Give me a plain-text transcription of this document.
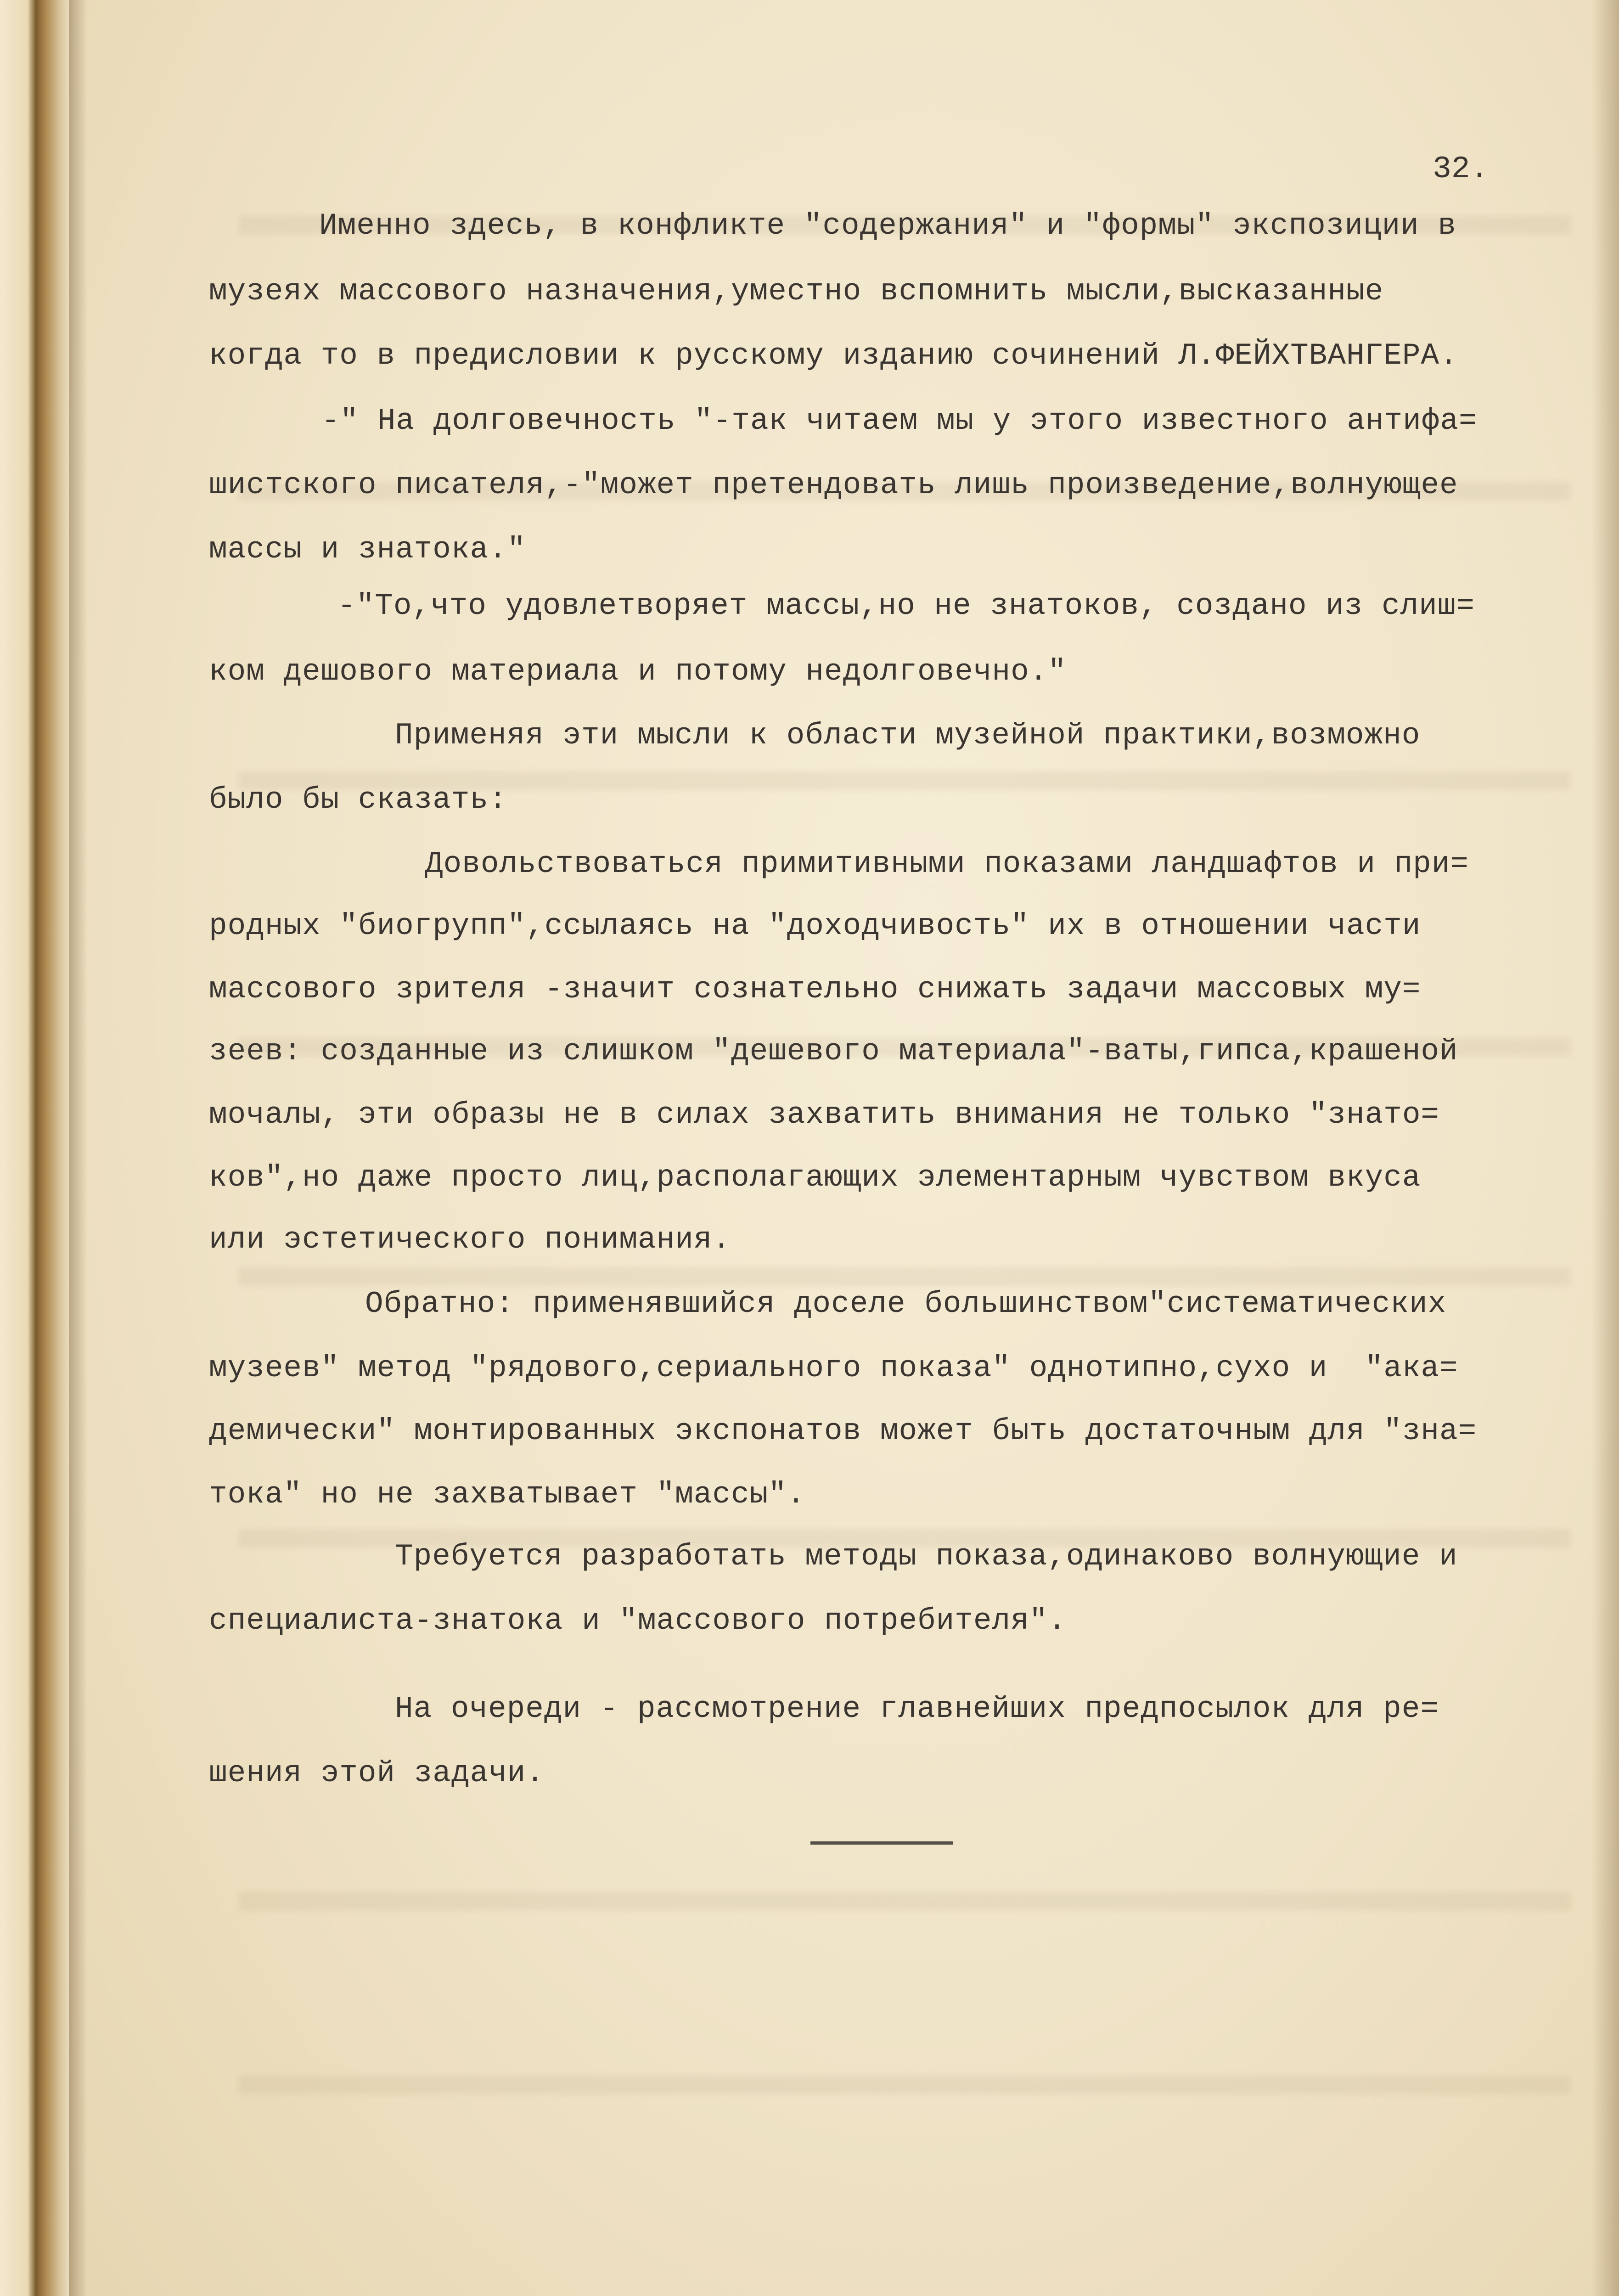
32.
Именно здесь, в конфликте "содержания" и "формы" экспозиции в
музеях массового назначения,уместно вспомнить мысли,высказанные
когда то в предисловии к русскому изданию сочинений Л.ФЕЙХТВАНГЕРА.
-" На долговечность "-так читаем мы у этого известного антифа=
шистского писателя,-"может претендовать лишь произведение,волнующее
массы и знатока."
-"То,что удовлетворяет массы,но не знатоков, создано из слиш=
ком дешового материала и потому недолговечно."
Применяя эти мысли к области музейной практики,возможно
было бы сказать:
Довольствоваться примитивными показами ландшафтов и при=
родных "биогрупп",ссылаясь на "доходчивость" их в отношении части
массового зрителя -значит сознательно снижать задачи массовых му=
зеев: созданные из слишком "дешевого материала"-ваты,гипса,крашеной
мочалы, эти образы не в силах захватить внимания не только "знато=
ков",но даже просто лиц,располагающих элементарным чувством вкуса
или эстетического понимания.
Обратно: применявшийся доселе большинством"систематических
музеев" метод "рядового,сериального показа" однотипно,сухо и  "ака=
демически" монтированных экспонатов может быть достаточным для "зна=
тока" но не захватывает "массы".
Требуется разработать методы показа,одинаково волнующие и
специалиста-знатока и "массового потребителя".
На очереди - рассмотрение главнейших предпосылок для ре=
шения этой задачи.
